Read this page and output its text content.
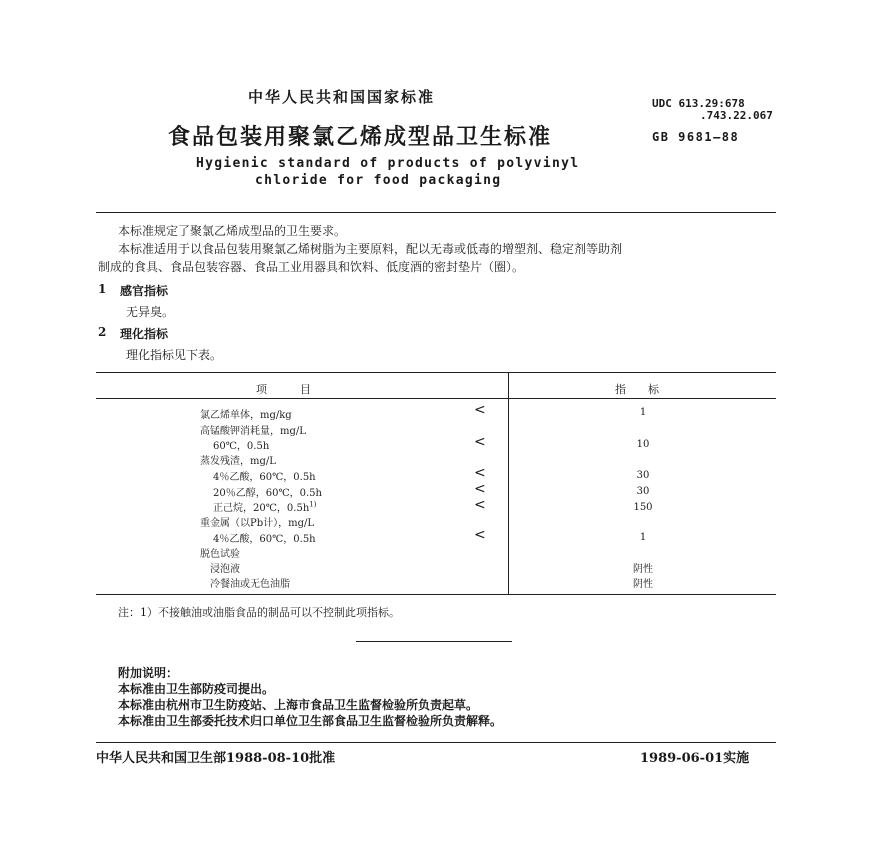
中华人民共和国国家标准	UDC 613.29:678
.743.22.067
食品包装用聚氯乙烯成型品卫生标准	GB 9681—88
Hygienic standard of products of polyvinyl
chloride for food packaging
本标准规定了聚氯乙烯成型品的卫生要求。
本标准适用于以食品包装用聚氯乙烯树脂为主要原料，配以无毒或低毒的增塑剂、稳定剂等助剂
制成的食具、食品包装容器、食品工业用器具和饮料、低度酒的密封垫片（圈）。
1 感官指标
无异臭。
2 理化指标
理化指标见下表。
项　　　目	指　　标
氯乙烯单体，mg/kg	<	1
高锰酸钾消耗量，mg/L
60℃，0.5h	<	10
蒸发残渣，mg/L
4％乙酸，60℃，0.5h	<	30
20％乙醇，60℃，0.5h	<	30
正己烷，20℃，$0.5h^{1)}$	<	150
重金属（以Pb计），mg/L
4％乙酸，60℃，0.5h	<	1
脱色试验
浸泡液	阴性
冷餐油或无色油脂	阴性
注：1）不接触油或油脂食品的制品可以不控制此项指标。
附加说明：
本标准由卫生部防疫司提出。
本标准由杭州市卫生防疫站、上海市食品卫生监督检验所负责起草。
本标准由卫生部委托技术归口单位卫生部食品卫生监督检验所负责解释。
中华人民共和国卫生部1988-08-10批准	1989-06-01实施
